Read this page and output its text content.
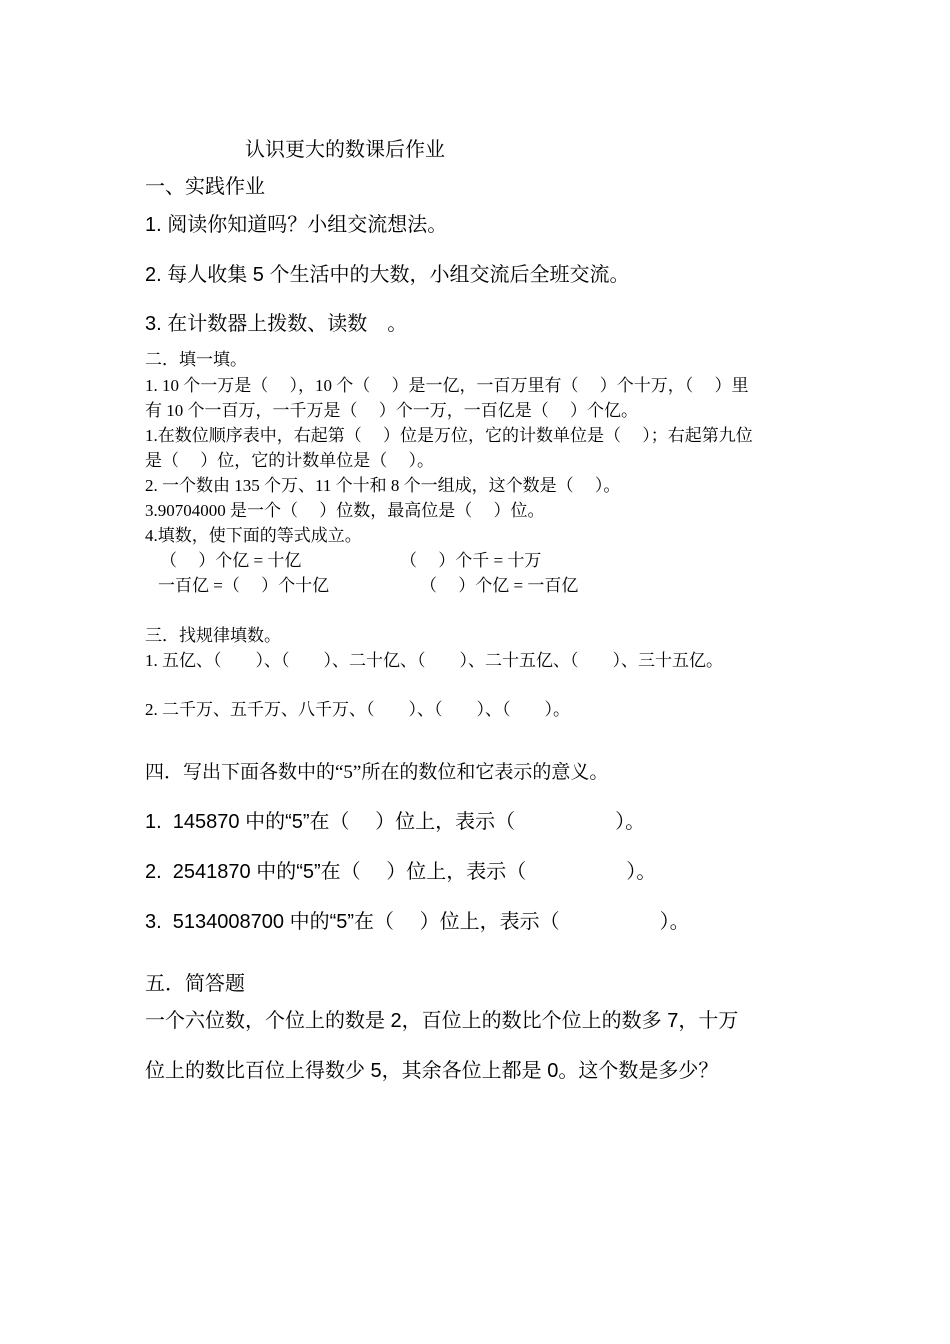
认识更大的数课后作业
一、实践作业
1. 阅读你知道吗？小组交流想法。
2. 每人收集 5 个生活中的大数，小组交流后全班交流。
3. 在计数器上拨数、读数　。
二．填一填。
1. 10 个一万是（　 ），10 个（　 ）是一亿，一百万里有（　 ）个十万，（　 ）里
有 10 个一百万，一千万是（　 ）个一万，一百亿是（　 ）个亿。
1.在数位顺序表中，右起第（　 ）位是万位，它的计数单位是（　 ）；右起第九位
是（　 ）位，它的计数单位是（　 ）。
2. 一个数由 135 个万、11 个十和 8 个一组成，这个数是（　 ）。
3.90704000 是一个（　 ）位数，最高位是（　 ）位。
4.填数，使下面的等式成立。
（　 ）个亿 = 十亿	（　 ）个千 = 十万
一百亿 =（　 ）个十亿	（　 ）个亿 = 一百亿
三．找规律填数。
1. 五亿、（　　）、（　　）、二十亿、（　　）、二十五亿、（　　）、三十五亿。
2. 二千万、五千万、八千万、（　　）、（　　）、（　　）。
四．写出下面各数中的“5”所在的数位和它表示的意义。
1.  145870 中的“5”在（　 ）位上，表示（　　　　　）。
2.  2541870 中的“5”在（　 ）位上，表示（　　　　　）。
3.  5134008700 中的“5”在（　 ）位上，表示（　　　　　）。
五．简答题
一个六位数，个位上的数是 2，百位上的数比个位上的数多 7，十万
位上的数比百位上得数少 5，其余各位上都是 0。这个数是多少？
